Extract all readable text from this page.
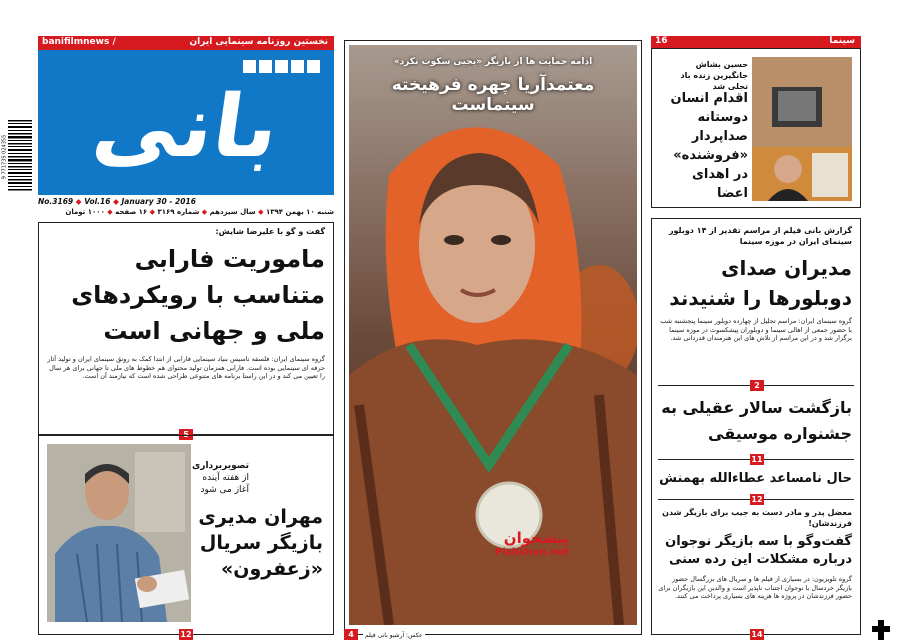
نخستین روزنامه سینمایی ایران
banifilmnews /
بانی
9 771735 024355
No.3169 ◆ Vol.16 ◆ January 30 - 2016
شنبه ۱۰ بهمن ۱۳۹۴ ◆ سال سیزدهم ◆ شماره ۳۱۶۹ ◆ ۱۶ صفحه ◆ ۱۰۰۰ تومان
گفت و گو با علیرضا شایش:
ماموریت فارابی متناسب با رویکردهای ملی و جهانی است
گروه سینمای ایران: فلسفه تاسیس بنیاد سینمایی فارابی از ابتدا کمک به رونق سینمای ایران و تولید آثار حرفه ای سینمایی بوده است. فارابی همزمان تولید محتوای هم خطوط های ملی تا جهانی برای هر سال را تعیین می کند و در این راستا برنامه های متنوعی طراحی شده است که نیازمند آن است.
5
تصویربرداری
از هفته آینده
آغاز می شود
مهران مدیری بازیگر سریال «زعفرون»
12
ادامه حمایت ها از بازیگر «یحیی سکوت نکرد»
معتمدآریا چهره فرهیخته سینماست
پیشخوان
Pishkhan.net
4	عکس: آرشیو بانی فیلم
16	سینما
حسین بشاش جانگیرین زنده باد تجلی شد
اقدام انسان دوستانه صداپردار «فروشنده» در اهدای اعضا
گزارش بانی فیلم از مراسم تقدیر از ۱۴ دوبلور سینمای ایران در موزه سینما
مدیران صدای دوبلورها را شنیدند
گروه سینمای ایران: مراسم تجلیل از چهارده دوبلور سینما پنجشنبه شب با حضور جمعی از اهالی سینما و دوبلوران پیشکسوت در موزه سینما برگزار شد و در این مراسم از تلاش های این هنرمندان قدردانی شد.
2
بازگشت سالار عقیلی به جشنواره موسیقی
11
حال نامساعد عطاءالله بهمنش
12
معضل پدر و مادر دست به جیب برای بازیگر شدن فرزندشان!
گفت‌وگو با سه بازیگر نوجوان درباره مشکلات این رده سنی
گروه تلویزیون: در بسیاری از فیلم ها و سریال های بزرگسال حضور بازیگر خردسال یا نوجوان اجتناب ناپذیر است و والدین این بازیگران برای حضور فرزندشان در پروژه ها هزینه های بسیاری پرداخت می کنند.
14
